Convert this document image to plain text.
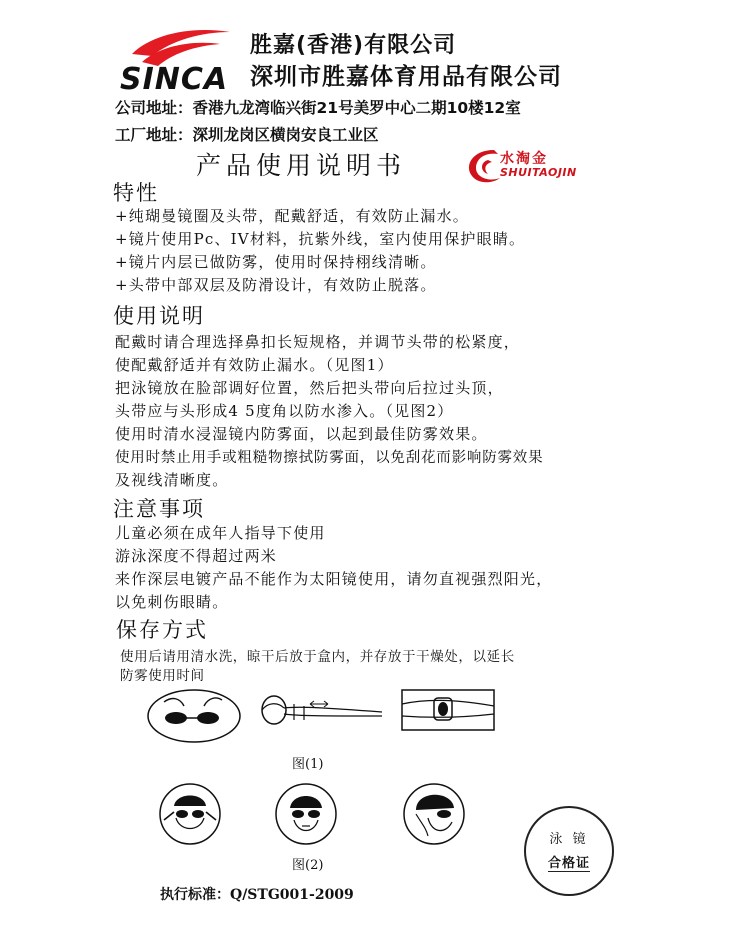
SINCA
胜嘉(香港)有限公司
深圳市胜嘉体育用品有限公司
公司地址：香港九龙湾临兴街21号美罗中心二期10楼12室
工厂地址：深圳龙岗区横岗安良工业区
产品使用说明书	水淘金
SHUITAOJIN
特性
+纯瑚曼镜圈及头带，配戴舒适，有效防止漏水。
+镜片使用Pc、IV材料，抗紫外线，室内使用保护眼睛。
+镜片内层已做防雾，使用时保持栩线清晰。
+头带中部双层及防滑设计，有效防止脱落。
使用说明
配戴时请合理选择鼻扣长短规格，并调节头带的松紧度，
使配戴舒适并有效防止漏水。（见图1）
把泳镜放在脸部调好位置，然后把头带向后拉过头顶，
头带应与头形成4 5度角以防水渗入。（见图2）
使用时清水浸湿镜内防雾面，以起到最佳防雾效果。
使用时禁止用手或粗糙物擦拭防雾面，以免刮花而影响防雾效果
及视线清晰度。
注意事项
儿童必须在成年人指导下使用
游泳深度不得超过两米
来作深层电镀产品不能作为太阳镜使用，请勿直视强烈阳光，
以免刺伤眼睛。
保存方式
使用后请用清水洗，晾干后放于盒内，并存放于干燥处，以延长
防雾使用时间
图(1)
图(2)
执行标准：Q/STG001-2009
泳 镜
合格证
